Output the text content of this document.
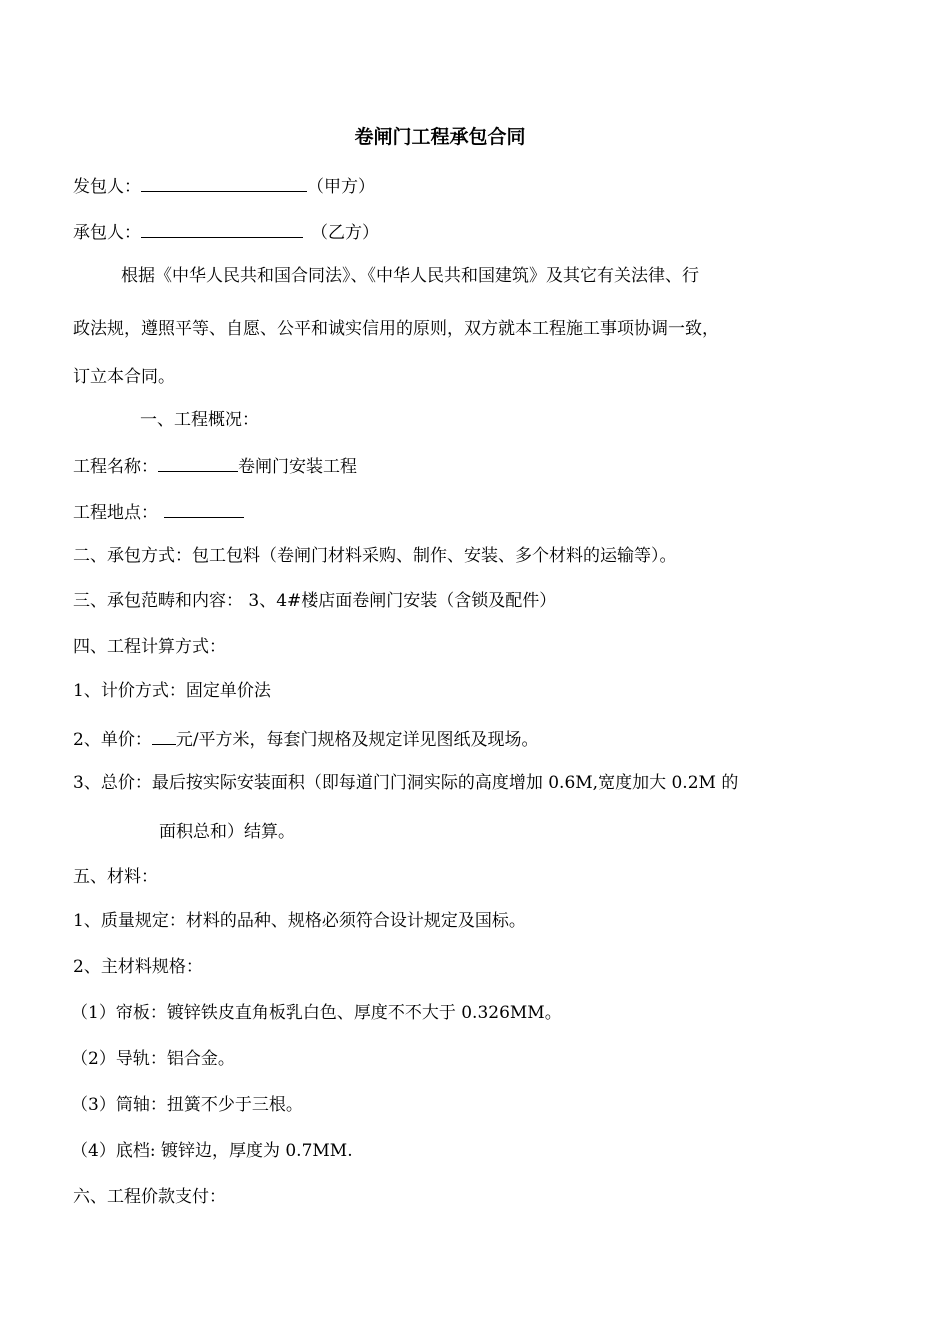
卷闸门工程承包合同
发包人：	（甲方）
承包人：	（乙方）
根据《中华人民共和国合同法》、《中华人民共和国建筑》及其它有关法律、行
政法规，遵照平等、自愿、公平和诚实信用的原则，双方就本工程施工事项协调一致，
订立本合同。
一、工程概况：
工程名称：	卷闸门安装工程
工程地点：
二、承包方式：包工包料（卷闸门材料采购、制作、安装、多个材料的运输等）。
三、承包范畴和内容： 3、4#楼店面卷闸门安装（含锁及配件）
四、工程计算方式：
1、计价方式：固定单价法
2、单价： 元/平方米，每套门规格及规定详见图纸及现场。
3、总价：最后按实际安装面积（即每道门门洞实际的高度增加 0.6M,宽度加大 0.2M 的
面积总和）结算。
五、材料：
1、质量规定：材料的品种、规格必须符合设计规定及国标。
2、主材料规格：
（1）帘板：镀锌铁皮直角板乳白色、厚度不不大于 0.326MM。
（2）导轨：铝合金。
（3）筒轴：扭簧不少于三根。
（4）底档: 镀锌边，厚度为 0.7MM.
六、工程价款支付：
